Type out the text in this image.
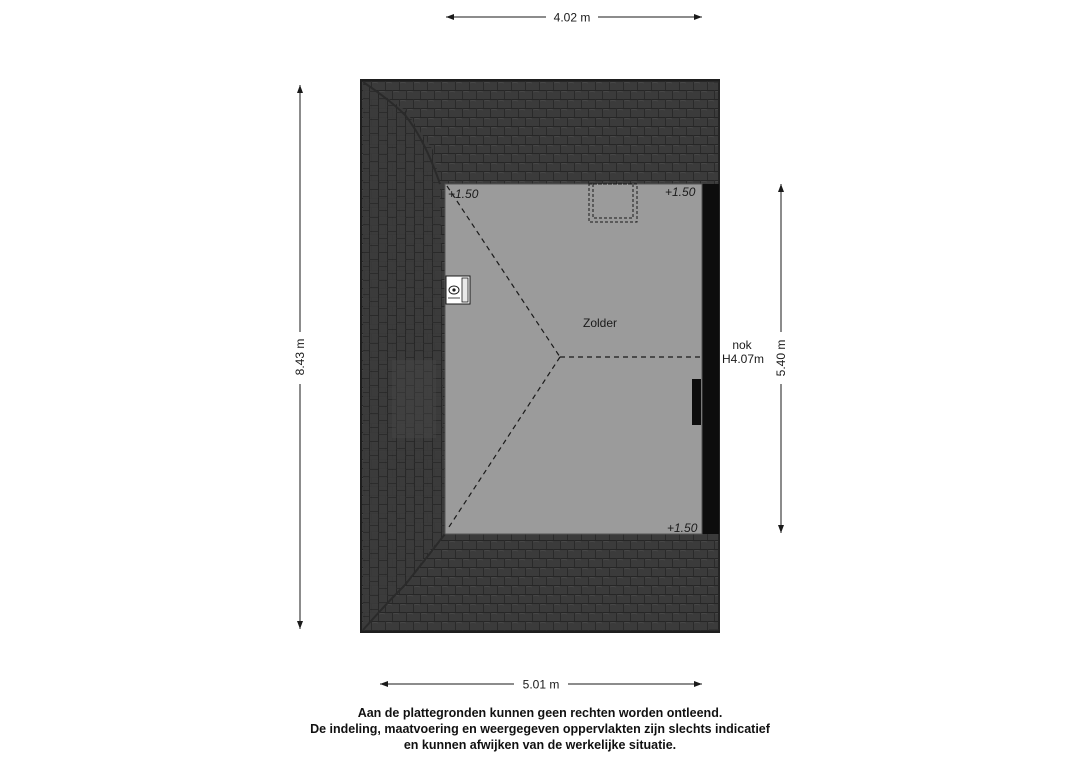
4.02 m
5.01 m
8.43 m	5.40 m
Zolder
+1.50	+1.50
+1.50
nok
H4.07m
Aan de plattegronden kunnen geen rechten worden ontleend.
De indeling, maatvoering en weergegeven oppervlakten zijn slechts indicatief
en kunnen afwijken van de werkelijke situatie.
